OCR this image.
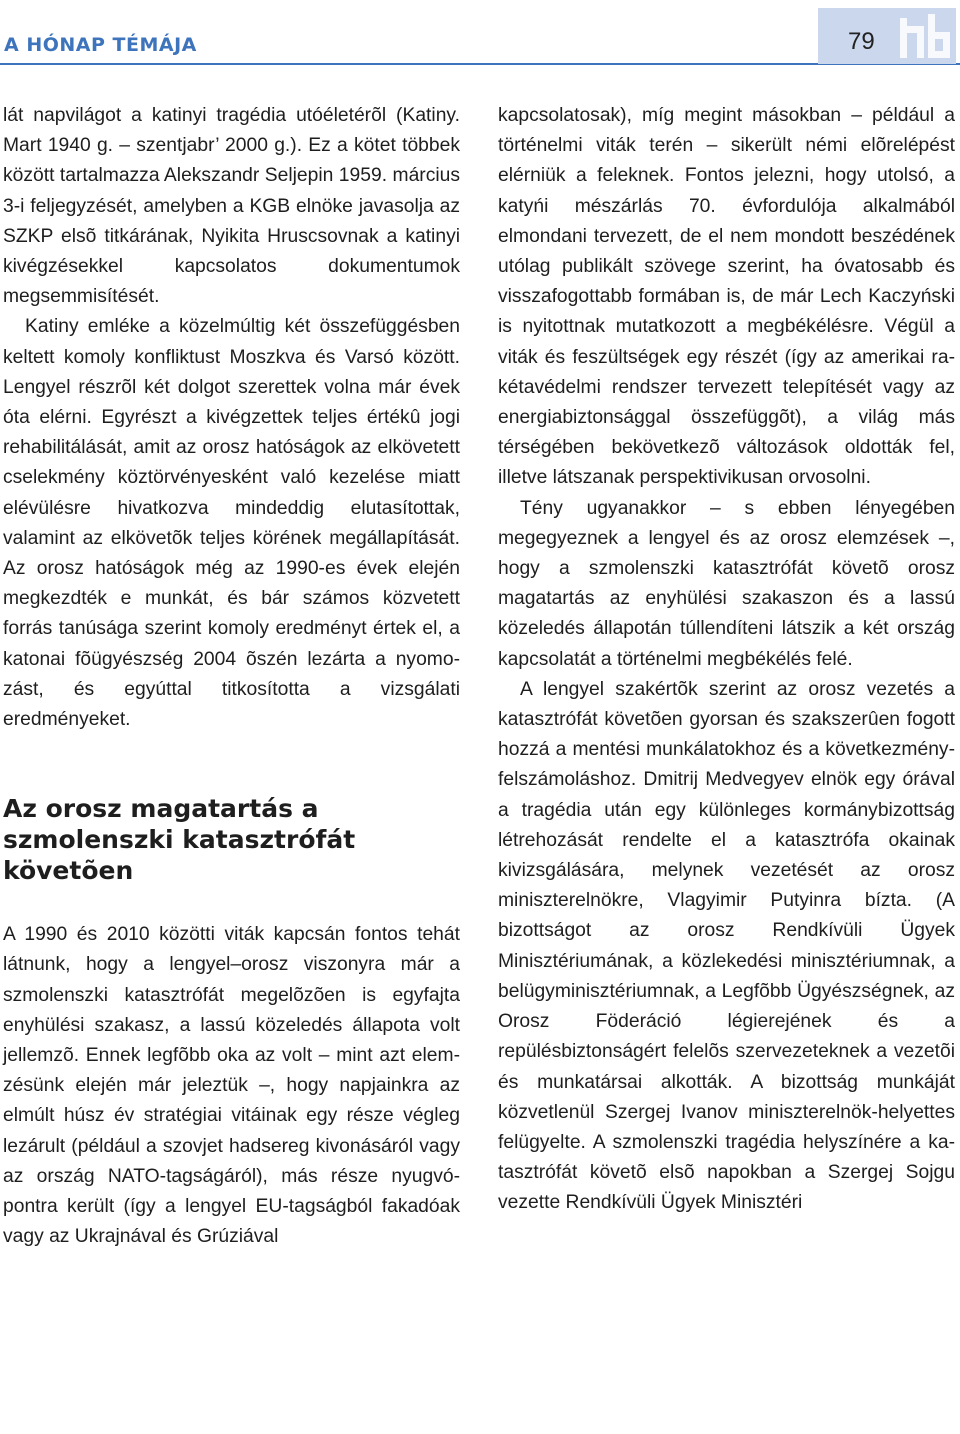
A HÓNAP TÉMÁJA	79

lát napvilágot a katinyi tragédia utóéletérõl (Katiny. Mart 1940 g. – szentjabr’ 2000 g.). Ez a kötet többek között tartalmazza Alekszandr Seljepin 1959. március 3-i feljegyzését, amelyben a KGB elnöke javasolja az SZKP elsõ titkárának, Nyikita Hruscsovnak a katinyi kivégzésekkel kapcsolatos dokumentumok megsemmisítését.

Katiny emléke a közelmúltig két összefüggésben keltett komoly konfliktust Moszkva és Varsó között. Lengyel részrõl két dolgot szerettek volna már évek óta elérni. Egyrészt a kivégzettek teljes értékû jogi rehabilitálását, amit az orosz hatóságok az elkövetett cselekmény köztörvényesként való kezelése miatt elévülésre hivatkozva mindeddig elutasítottak, valamint az elkövetõk teljes körének megállapítását. Az orosz hatóságok még az 1990-es évek elején megkezdték e munkát, és bár számos közvetett forrás tanúsága szerint komoly eredményt értek el, a katonai fõügyészség 2004 õszén lezárta a nyomozást, és egyúttal titkosította a vizsgálati eredményeket.

Az orosz magatartás a szmolenszki katasztrófát követõen

A 1990 és 2010 közötti viták kapcsán fontos tehát látnunk, hogy a lengyel–orosz viszonyra már a szmolenszki katasztrófát megelõzõen is egyfajta enyhülési szakasz, a lassú közeledés állapota volt jellemzõ. Ennek legfõbb oka az volt – mint azt elemzésünk elején már jeleztük –, hogy napjainkra az elmúlt húsz év stratégiai vitáinak egy része végleg lezárult (például a szovjet hadsereg kivonásáról vagy az ország NATO-tagságáról), más része nyugvópontra került (így a lengyel EU-tagságból fakadóak vagy az Ukrajnával és Grúziával

kapcsolatosak), míg megint másokban – például a történelmi viták terén – sikerült némi elõrelépést elérniük a feleknek. Fontos jelezni, hogy utolsó, a katyńi mészárlás 70. évfordulója alkalmából elmondani tervezett, de el nem mondott beszédének utólag publikált szövege szerint, ha óvatosabb és visszafogottabb formában is, de már Lech Kaczyński is nyitottnak mutatkozott a megbékélésre. Végül a viták és feszültségek egy részét (így az amerikai rakétavédelmi rendszer tervezett telepítését vagy az energiabiztonsággal összefüggõt), a világ más térségében bekövetkezõ változások oldották fel, illetve látszanak perspektivikusan orvosolni.

Tény ugyanakkor – s ebben lényegében megegyeznek a lengyel és az orosz elemzések –, hogy a szmolenszki katasztrófát követõ orosz magatartás az enyhülési szakaszon és a lassú közeledés állapotán túllendíteni látszik a két ország kapcsolatát a történelmi megbékélés felé.

A lengyel szakértõk szerint az orosz vezetés a katasztrófát követõen gyorsan és szakszerûen fogott hozzá a mentési munkálatokhoz és a következmény-felszámoláshoz. Dmitrij Medvegyev elnök egy órával a tragédia után egy különleges kormánybizottság létrehozását rendelte el a katasztrófa okainak kivizsgálására, melynek vezetését az orosz miniszterelnökre, Vlagyimir Putyinra bízta. (A bizottságot az orosz Rendkívüli Ügyek Minisztériumának, a közlekedési minisztériumnak, a belügyminisztériumnak, a Legfõbb Ügyészségnek, az Orosz Föderáció légierejének és a repülésbiztonságért felelõs szervezeteknek a vezetõi és munkatársai alkották. A bizottság munkáját közvetlenül Szergej Ivanov miniszterelnök-helyettes felügyelte. A szmolenszki tragédia helyszínére a katasztrófát követõ elsõ napokban a Szergej Sojgu vezette Rendkívüli Ügyek Minisztéri
